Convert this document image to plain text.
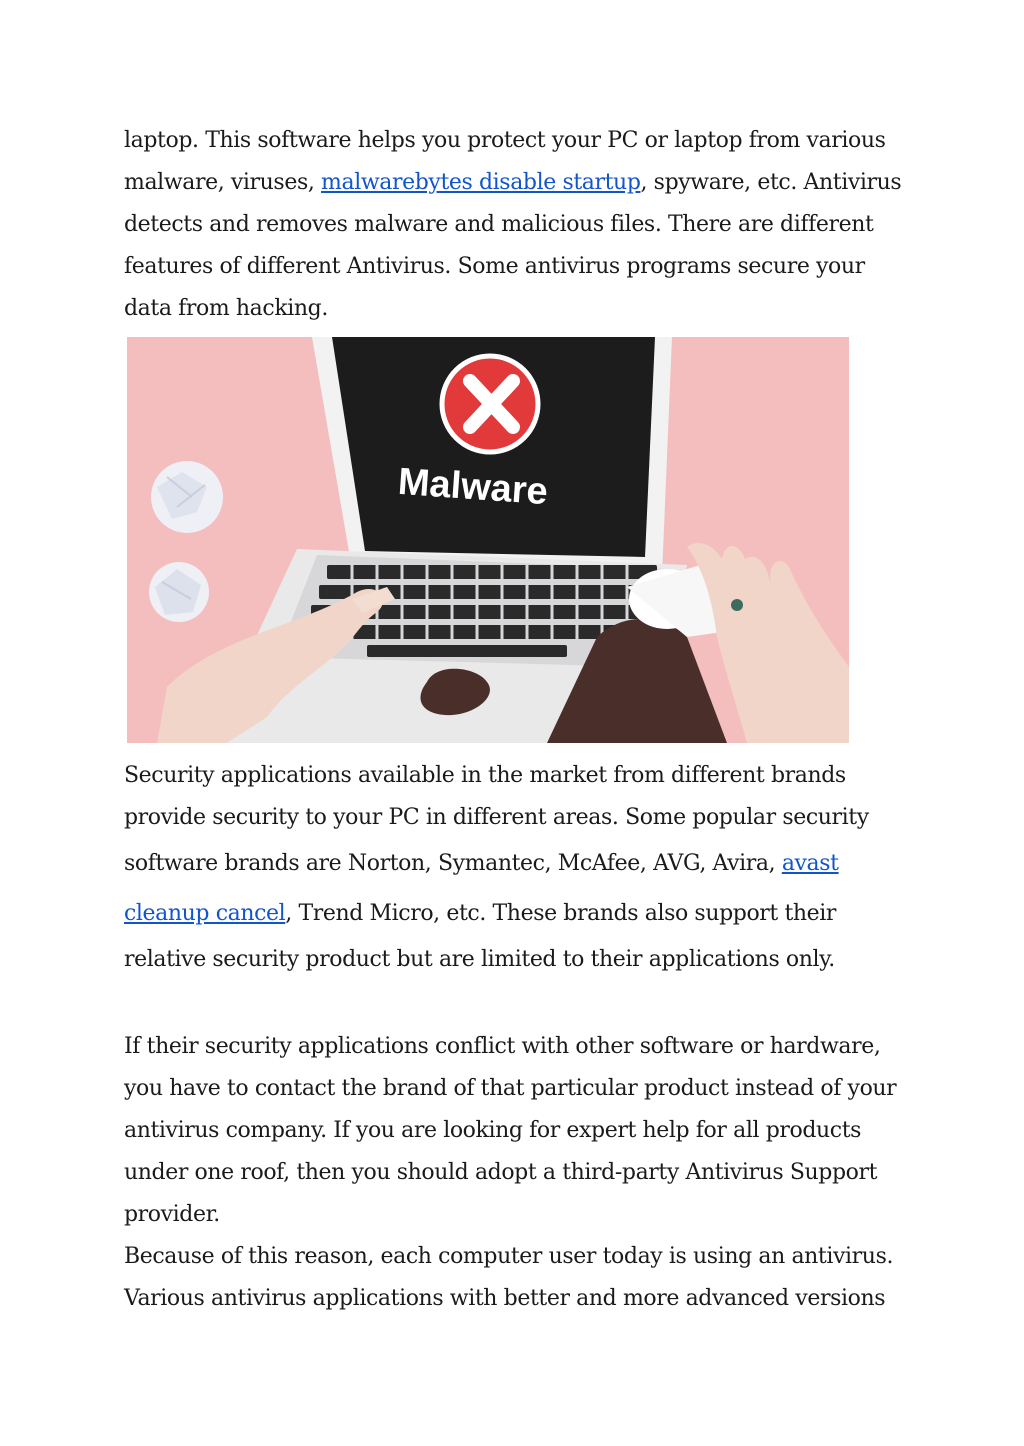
laptop. This software helps you protect your PC or laptop from various
malware, viruses, malwarebytes disable startup, spyware, etc. Antivirus
detects and removes malware and malicious files. There are different
features of different Antivirus. Some antivirus programs secure your
data from hacking.

Malware

Security applications available in the market from different brands
provide security to your PC in different areas. Some popular security
software brands are Norton, Symantec, McAfee, AVG, Avira, avast
cleanup cancel, Trend Micro, etc. These brands also support their
relative security product but are limited to their applications only.

If their security applications conflict with other software or hardware,
you have to contact the brand of that particular product instead of your
antivirus company. If you are looking for expert help for all products
under one roof, then you should adopt a third-party Antivirus Support
provider.
Because of this reason, each computer user today is using an antivirus.
Various antivirus applications with better and more advanced versions
